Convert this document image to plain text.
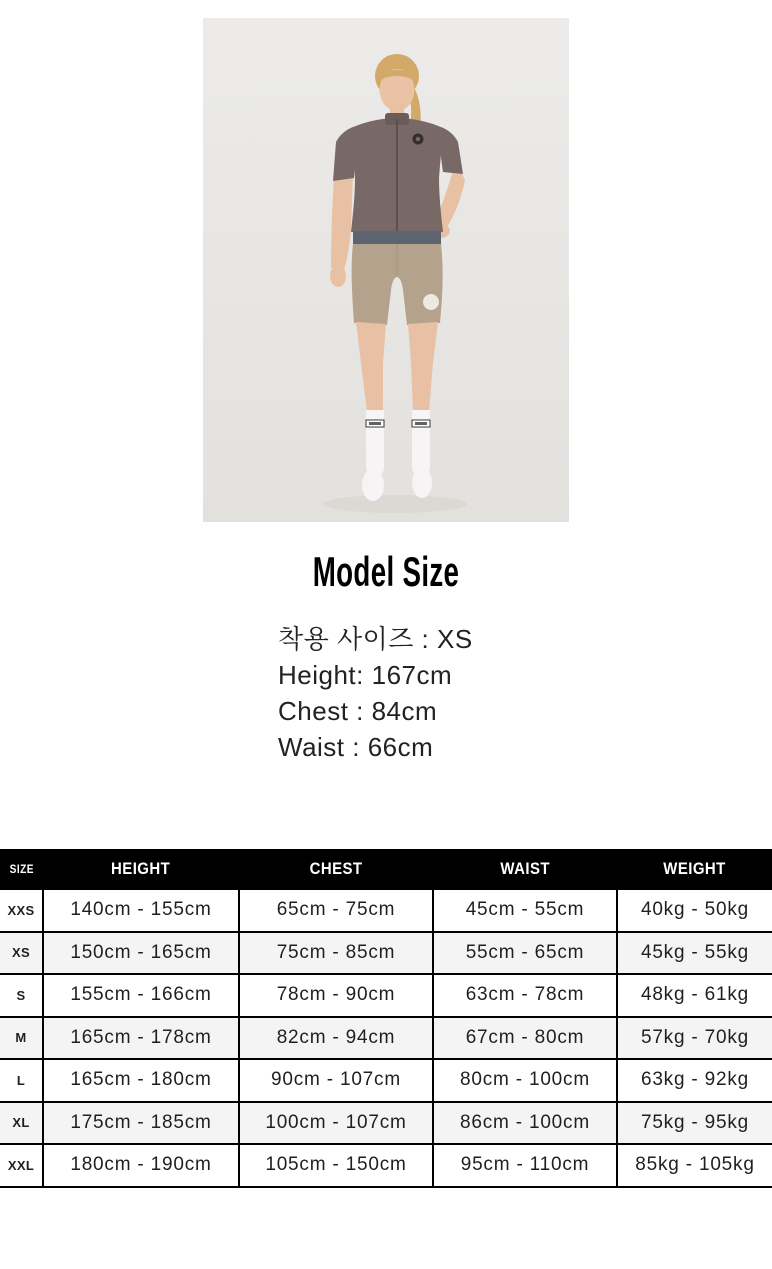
Model Size
착용 사이즈 : XS
Height: 167cm
Chest : 84cm
Waist : 66cm
SIZE	HEIGHT	CHEST	WAIST	WEIGHT
XXS	140cm - 155cm	65cm - 75cm	45cm - 55cm	40kg - 50kg
XS	150cm - 165cm	75cm - 85cm	55cm - 65cm	45kg - 55kg
S	155cm - 166cm	78cm - 90cm	63cm - 78cm	48kg - 61kg
M	165cm - 178cm	82cm - 94cm	67cm - 80cm	57kg - 70kg
L	165cm - 180cm	90cm - 107cm	80cm - 100cm	63kg - 92kg
XL	175cm - 185cm	100cm - 107cm	86cm - 100cm	75kg - 95kg
XXL	180cm - 190cm	105cm - 150cm	95cm - 110cm	85kg - 105kg
